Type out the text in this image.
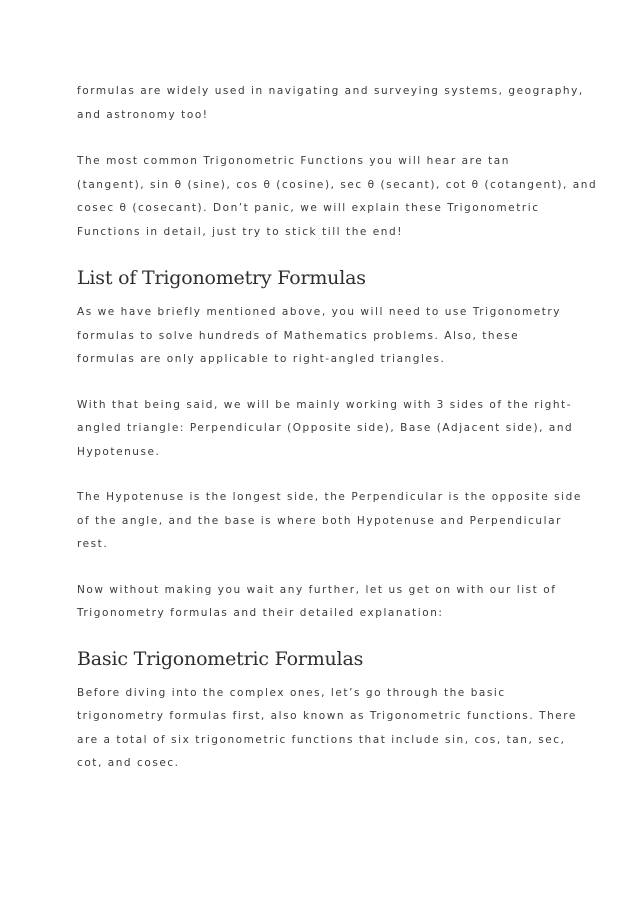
formulas are widely used in navigating and surveying systems, geography,
and astronomy too!

The most common Trigonometric Functions you will hear are tan
(tangent), sin θ (sine), cos θ (cosine), sec θ (secant), cot θ (cotangent), and
cosec θ (cosecant). Don’t panic, we will explain these Trigonometric
Functions in detail, just try to stick till the end!

List of Trigonometry Formulas

As we have briefly mentioned above, you will need to use Trigonometry
formulas to solve hundreds of Mathematics problems. Also, these
formulas are only applicable to right-angled triangles.

With that being said, we will be mainly working with 3 sides of the right-
angled triangle: Perpendicular (Opposite side), Base (Adjacent side), and
Hypotenuse.

The Hypotenuse is the longest side, the Perpendicular is the opposite side
of the angle, and the base is where both Hypotenuse and Perpendicular
rest.

Now without making you wait any further, let us get on with our list of
Trigonometry formulas and their detailed explanation:

Basic Trigonometric Formulas

Before diving into the complex ones, let’s go through the basic
trigonometry formulas first, also known as Trigonometric functions. There
are a total of six trigonometric functions that include sin, cos, tan, sec,
cot, and cosec.
